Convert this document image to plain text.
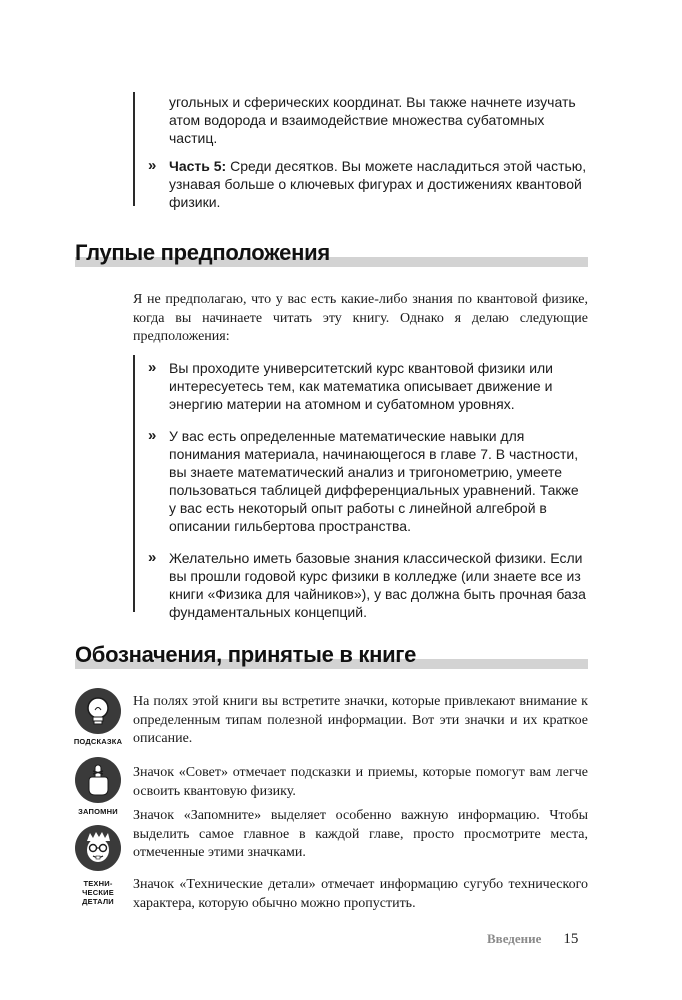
угольных и сферических координат. Вы также начнете изучать атом водорода и взаимодействие множества субатомных частиц.
» Часть 5: Среди десятков. Вы можете насладиться этой частью, узнавая больше о ключевых фигурах и достижениях квантовой физики.
Глупые предположения
Я не предполагаю, что у вас есть какие-либо знания по квантовой физике, когда вы начинаете читать эту книгу. Однако я делаю следующие предположения:
» Вы проходите университетский курс квантовой физики или интересуетесь тем, как математика описывает движение и энергию материи на атомном и субатомном уровнях.
» У вас есть определенные математические навыки для понимания материала, начинающегося в главе 7. В частности, вы знаете математический анализ и тригонометрию, умеете пользоваться таблицей дифференциальных уравнений. Также у вас есть некоторый опыт работы с линейной алгеброй в описании гильбертова пространства.
» Желательно иметь базовые знания классической физики. Если вы прошли годовой курс физики в колледже (или знаете все из книги «Физика для чайников»), у вас должна быть прочная база фундаментальных концепций.
Обозначения, принятые в книге
ПОДСКАЗКА
ЗАПОМНИ
ТЕХНИ-
ЧЕСКИЕ
ДЕТАЛИ
На полях этой книги вы встретите значки, которые привлекают внимание к определенным типам полезной информации. Вот эти значки и их краткое описание.
Значок «Совет» отмечает подсказки и приемы, которые помогут вам легче освоить квантовую физику.
Значок «Запомните» выделяет особенно важную информацию. Чтобы выделить самое главное в каждой главе, просто просмотрите места, отмеченные этими значками.
Значок «Технические детали» отмечает информацию сугубо технического характера, которую обычно можно пропустить.
Введение 15
